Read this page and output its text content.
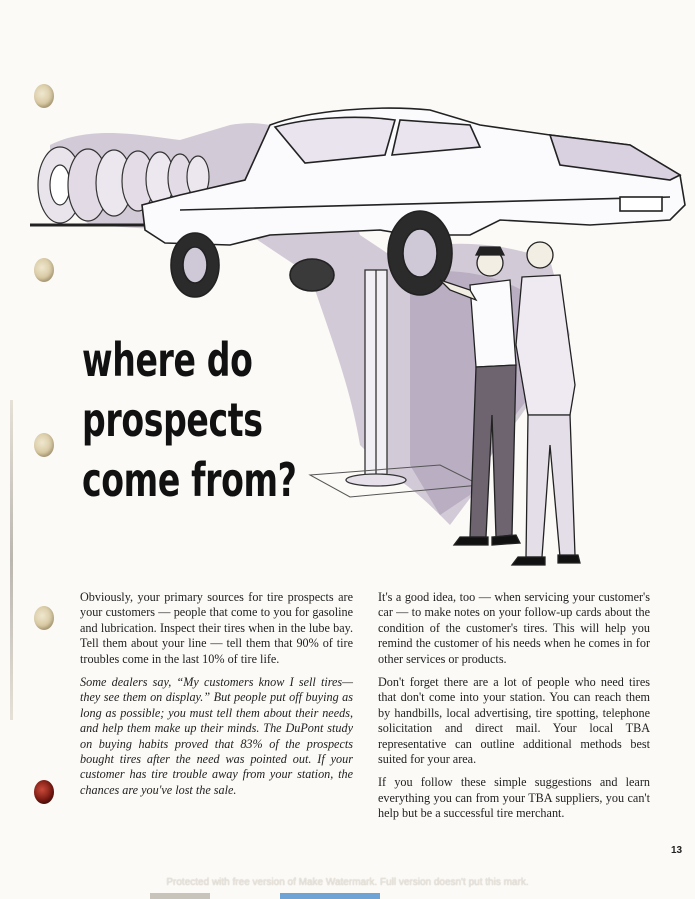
where do
prospects
come from?

Obviously, your primary sources for tire prospects are your customers — people that come to you for gasoline and lubrication. Inspect their tires when in the lube bay. Tell them about your line — tell them that 90% of tire troubles come in the last 10% of tire life.

Some dealers say, “My customers know I sell tires—they see them on display.” But people put off buying as long as possible; you must tell them about their needs, and help them make up their minds. The DuPont study on buying habits proved that 83% of the prospects bought tires after the need was pointed out. If your customer has tire trouble away from your station, the chances are you've lost the sale.

It's a good idea, too — when servicing your customer's car — to make notes on your follow-up cards about the condition of the customer's tires. This will help you remind the customer of his needs when he comes in for other services or products.

Don't forget there are a lot of people who need tires that don't come into your station. You can reach them by handbills, local advertising, tire spotting, telephone solicitation and direct mail. Your local TBA representative can outline additional methods best suited for your area.

If you follow these simple suggestions and learn everything you can from your TBA suppliers, you can't help but be a successful tire merchant.

13
Protected with free version of Make Watermark. Full version doesn't put this mark.
